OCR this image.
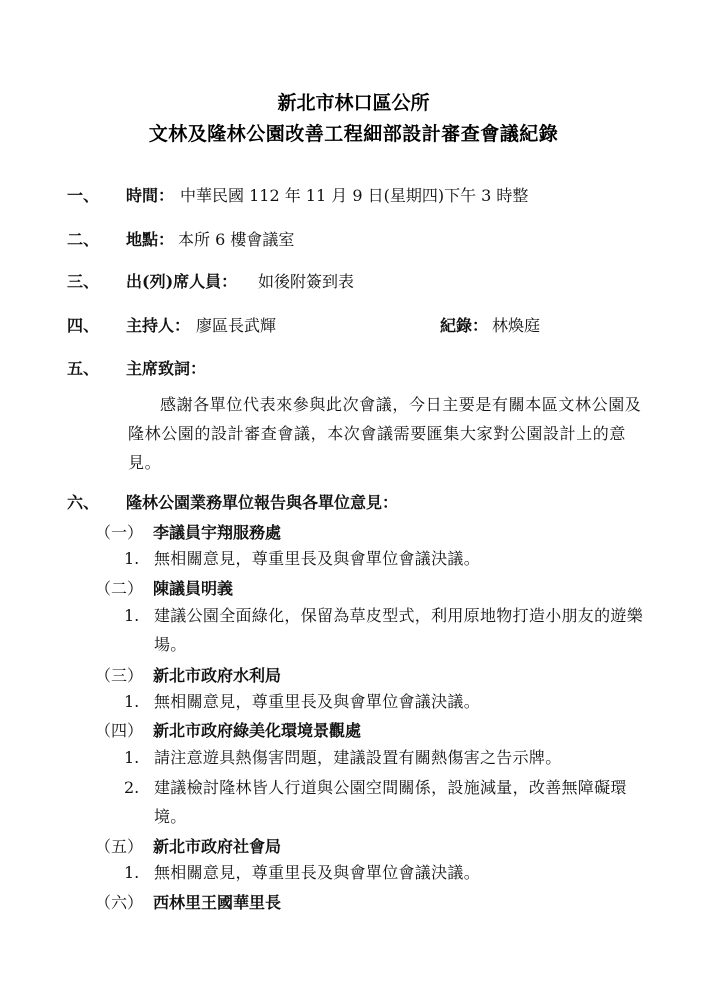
新北市林口區公所
文林及隆林公園改善工程細部設計審查會議紀錄
一、 時間： 中華民國 112 年 11 月 9 日(星期四)下午 3 時整
二、 地點： 本所 6 樓會議室
三、 出(列)席人員： 如後附簽到表
四、 主持人： 廖區長武輝	紀錄： 林煥庭
五、 主席致詞：
感謝各單位代表來參與此次會議，今日主要是有關本區文林公園及隆林公園的設計審查會議，本次會議需要匯集大家對公園設計上的意見。
六、 隆林公園業務單位報告與各單位意見：
（一） 李議員宇翔服務處
1. 無相關意見，尊重里長及與會單位會議決議。
（二） 陳議員明義
1. 建議公園全面綠化，保留為草皮型式，利用原地物打造小朋友的遊樂場。
（三） 新北市政府水利局
1. 無相關意見，尊重里長及與會單位會議決議。
（四） 新北市政府綠美化環境景觀處
1. 請注意遊具熱傷害問題，建議設置有關熱傷害之告示牌。
2. 建議檢討隆林皆人行道與公園空間關係，設施減量，改善無障礙環境。
（五） 新北市政府社會局
1. 無相關意見，尊重里長及與會單位會議決議。
（六） 西林里王國華里長
